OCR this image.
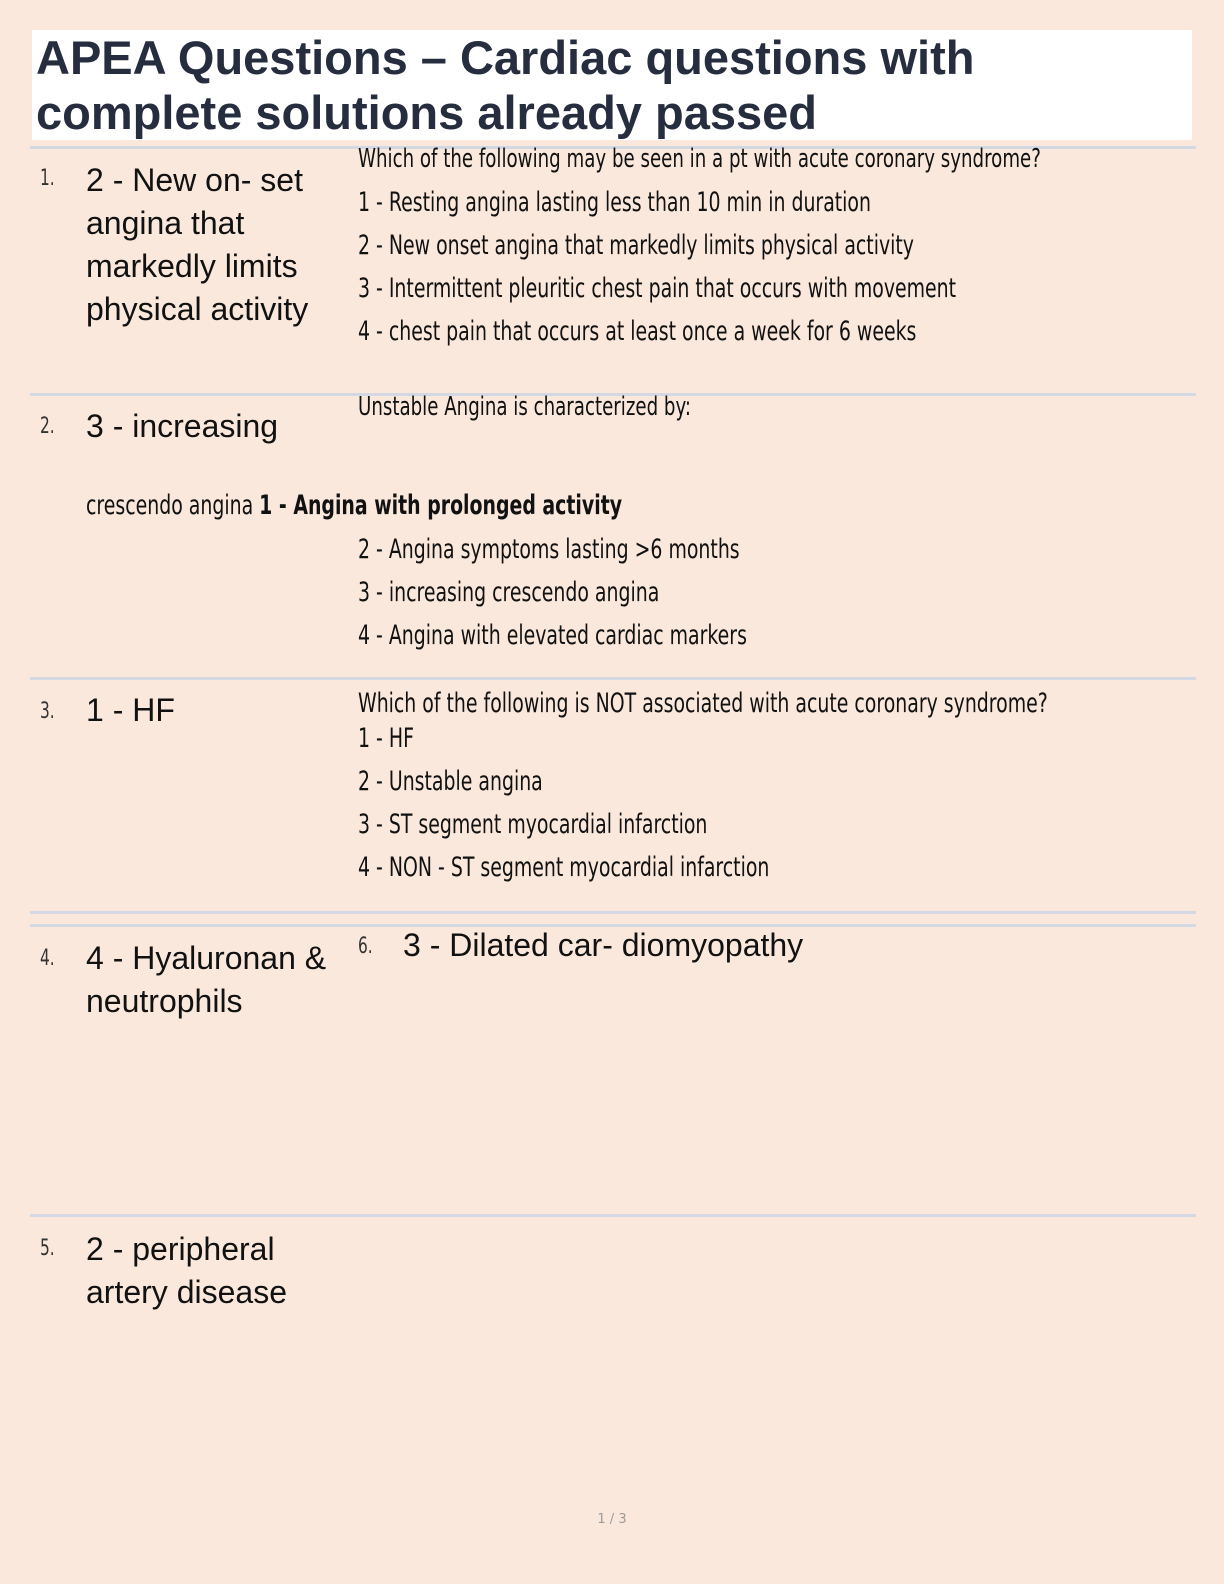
APEA Questions – Cardiac questions with complete solutions already passed
1. 2 - New on- set angina that markedly limits physical activity
Which of the following may be seen in a pt with acute coronary syndrome?
1 - Resting angina lasting less than 10 min in duration
2 - New onset angina that markedly limits physical activity
3 - Intermittent pleuritic chest pain that occurs with movement
4 - chest pain that occurs at least once a week for 6 weeks
2. 3 - increasing
Unstable Angina is characterized by:
crescendo angina 1 - Angina with prolonged activity
2 - Angina symptoms lasting >6 months
3 - increasing crescendo angina
4 - Angina with elevated cardiac markers
3. 1 - HF	Which of the following is NOT associated with acute coronary syndrome?
1 - HF
2 - Unstable angina
3 - ST segment myocardial infarction
4 - NON - ST segment myocardial infarction
4. 4 - Hyaluronan & neutrophils
6. 3 - Dilated car- diomyopathy
5. 2 - peripheral artery disease
1 / 3
